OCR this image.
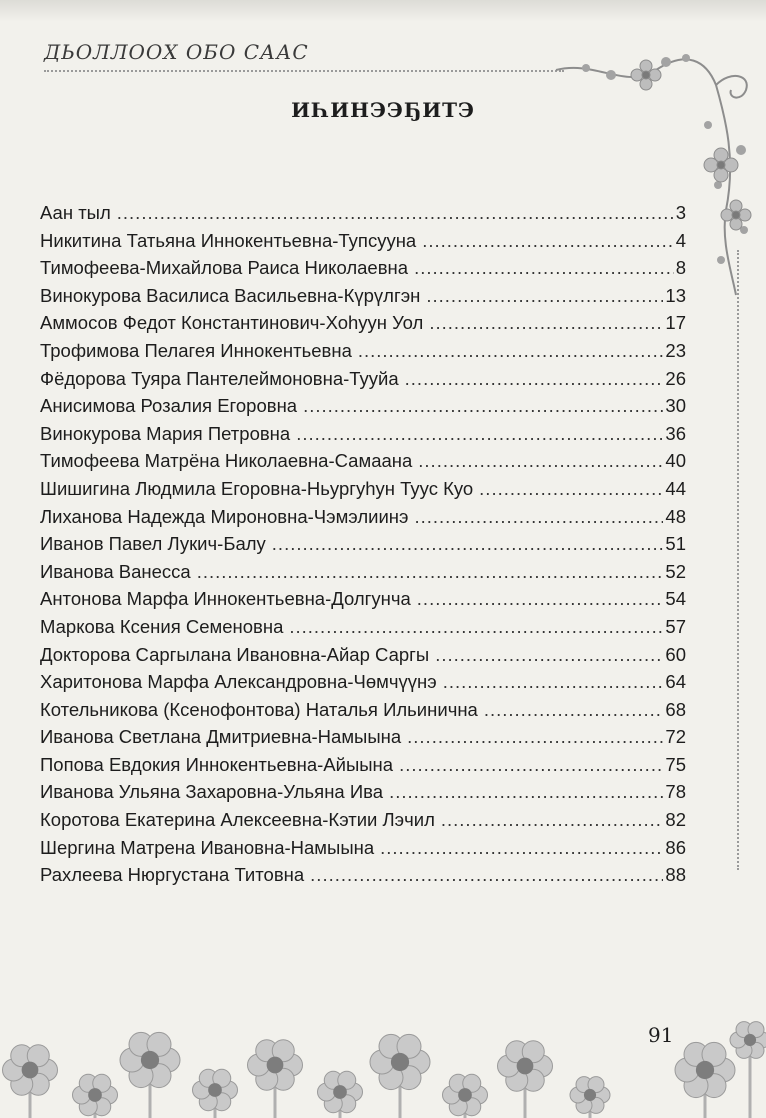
ДЬОЛЛООХ ОБО СААС
ИҺИНЭЭҔИТЭ
Аан тыл .....	3
Никитина Татьяна Иннокентьевна-Тупсууна .....	4
Тимофеева-Михайлова Раиса Николаевна .....	8
Винокурова Василиса Васильевна-Күрүлгэн .....	13
Аммосов Федот Константинович-Хоһуун Уол .....	17
Трофимова Пелагея Иннокентьевна .....	23
Фёдорова Туяра Пантелеймоновна-Тууйа .....	26
Анисимова Розалия Егоровна .....	30
Винокурова Мария Петровна .....	36
Тимофеева Матрёна Николаевна-Самаана .....	40
Шишигина Людмила Егоровна-Ньургуһун Туус Куо .....	44
Лиханова Надежда Мироновна-Чэмэлиинэ .....	48
Иванов Павел Лукич-Балу .....	51
Иванова Ванесса .....	52
Антонова Марфа Иннокентьевна-Долгунча .....	54
Маркова Ксения Семеновна .....	57
Докторова Саргылана Ивановна-Айар Саргы .....	60
Харитонова Марфа Александровна-Чөмчүүнэ .....	64
Котельникова (Ксенофонтова) Наталья Ильинична .....	68
Иванова Светлана Дмитриевна-Намыына .....	72
Попова Евдокия Иннокентьевна-Айыына .....	75
Иванова Ульяна Захаровна-Ульяна Ива .....	78
Коротова Екатерина Алексеевна-Кэтии Лэчил .....	82
Шергина Матрена Ивановна-Намыына .....	86
Рахлеева Нюргустана Титовна .....	88
91
